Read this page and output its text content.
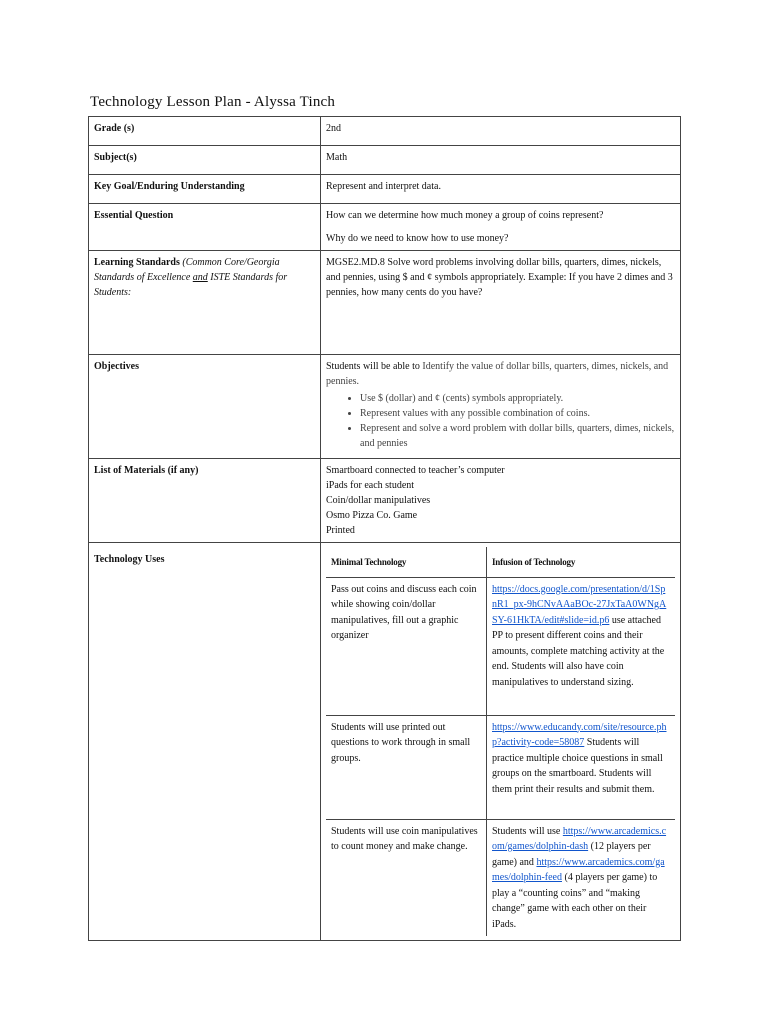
Technology Lesson Plan - Alyssa Tinch
Grade (s)	2nd
Subject(s)	Math
Key Goal/Enduring Understanding	Represent and interpret data.
Essential Question	How can we determine how much money a group of coins represent?
Why do we need to know how to use money?

Learning Standards (Common Core/Georgia Standards of Excellence and ISTE Standards for Students:	MGSE2.MD.8 Solve word problems involving dollar bills, quarters, dimes, nickels, and pennies, using $ and ¢ symbols appropriately. Example: If you have 2 dimes and 3 pennies, how many cents do you have?
Objectives	Students will be able to Identify the value of dollar bills, quarters, dimes, nickels, and pennies.
• Use $ (dollar) and ¢ (cents) symbols appropriately.
• Represent values with any possible combination of coins.
• Represent and solve a word problem with dollar bills, quarters, dimes, nickels, and pennies

List of Materials (if any)	Smartboard connected to teacher’s computer
iPads for each student
Coin/dollar manipulatives
Osmo Pizza Co. Game
Printed

Technology Uses		Minimal Technology	Infusion of Technology
Pass out coins and discuss each coin while showing coin/dollar manipulatives, fill out a graphic organizer	https://docs.google.com/presentation/d/1SpnR1_px-9hCNvAAaBOc-27JxTaA0WNgASY-61HkTA/edit#slide=id.p6 use attached PP to present different coins and their amounts, complete matching activity at the end. Students will also have coin manipulatives to understand sizing.
Students will use printed out questions to work through in small groups.	https://www.educandy.com/site/resource.php?activity-code=58087 Students will practice multiple choice questions in small groups on the smartboard. Students will them print their results and submit them.
Students will use coin manipulatives to count money and make change.	Students will use https://www.arcademics.com/games/dolphin-dash (12 players per game) and https://www.arcademics.com/games/dolphin-feed (4 players per game) to play a “counting coins” and “making change” game with each other on their iPads.
